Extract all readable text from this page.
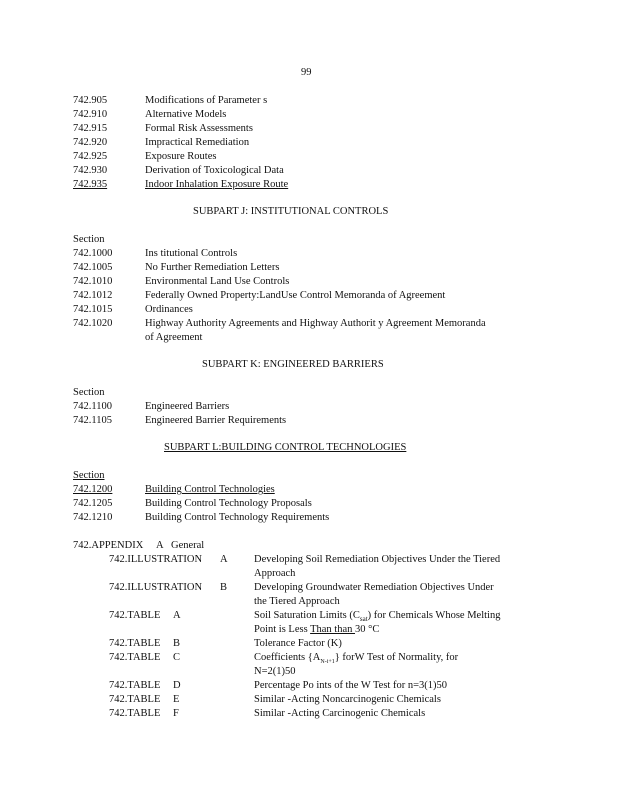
99
742.905	Modifications of Parameter s
742.910	Alternative Models
742.915	Formal Risk Assessments
742.920	Impractical Remediation
742.925	Exposure Routes
742.930	Derivation of Toxicological Data
742.935	Indoor Inhalation Exposure Route
SUBPART J: INSTITUTIONAL CONTROLS
Section
742.1000	Ins titutional Controls
742.1005	No Further Remediation Letters
742.1010	Environmental Land Use Controls
742.1012	Federally Owned Property:LandUse Control Memoranda of Agreement
742.1015	Ordinances
742.1020	Highway Authority Agreements and Highway Authorit y Agreement Memoranda
of Agreement
SUBPART K: ENGINEERED BARRIERS
Section
742.1100	Engineered Barriers
742.1105	Engineered Barrier Requirements
SUBPART L:BUILDING CONTROL TECHNOLOGIES
Section
742.1200	Building Control Technologies
742.1205	Building Control Technology Proposals
742.1210	Building Control Technology Requirements
742.APPENDIX A General
742.ILLUSTRATION A	Developing Soil Remediation Objectives Under the Tiered
Approach
742.ILLUSTRATION B	Developing Groundwater Remediation Objectives Under
the Tiered Approach
742.TABLE A	Soil Saturation Limits $(C_{sat})$ for Chemicals Whose Melting
Point is Less Than than 30 °C
742.TABLE B	Tolerance Factor (K)
742.TABLE C	Coefficients $\{A_{N-i+1}\}$ forW Test of Normality, for
N=2(1)50
742.TABLE D	Percentage Po ints of the W Test for n=3(1)50
742.TABLE E	Similar -Acting Noncarcinogenic Chemicals
742.TABLE F	Similar -Acting Carcinogenic Chemicals
